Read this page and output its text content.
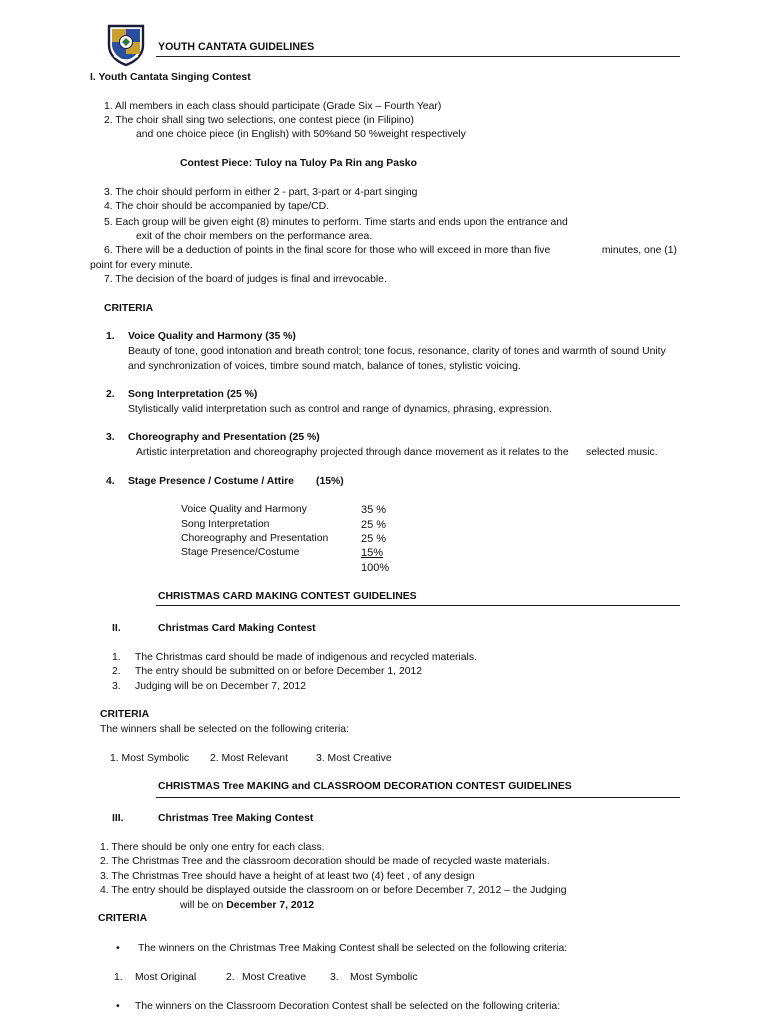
YOUTH CANTATA GUIDELINES
I. Youth Cantata Singing Contest
1. All members in each class should participate (Grade Six – Fourth Year)
2. The choir shall sing two selections, one contest piece (in Filipino)
and one choice piece (in English) with 50%and 50 %weight respectively
Contest Piece: Tuloy na Tuloy Pa Rin ang Pasko
3. The choir should perform in either 2 - part, 3-part or 4-part singing
4. The choir should be accompanied by tape/CD.
5. Each group will be given eight (8) minutes to perform. Time starts and ends upon the entrance and
exit of the choir members on the performance area.
6. There will be a deduction of points in the final score for those who will exceed in more than five	minutes, one (1)
point for every minute.
7. The decision of the board of judges is final and irrevocable.
CRITERIA
1. Voice Quality and Harmony (35 %)
Beauty of tone, good intonation and breath control; tone focus, resonance, clarity of tones and warmth of sound Unity
and synchronization of voices, timbre sound match, balance of tones, stylistic voicing.
2. Song Interpretation (25 %)
Stylistically valid interpretation such as control and range of dynamics, phrasing, expression.
3. Choreography and Presentation (25 %)
Artistic interpretation and choreography projected through dance movement as it relates to the selected music.
4. Stage Presence / Costume / Attire (15%)
Voice Quality and Harmony	35 %
Song Interpretation	25 %
Choreography and Presentation	25 %
Stage Presence/Costume	15%
100%
CHRISTMAS CARD MAKING CONTEST GUIDELINES
II.	Christmas Card Making Contest
1. The Christmas card should be made of indigenous and recycled materials.
2. The entry should be submitted on or before December 1, 2012
3. Judging will be on December 7, 2012
CRITERIA
The winners shall be selected on the following criteria:
1. Most Symbolic 2. Most Relevant	3. Most Creative
CHRISTMAS Tree MAKING and CLASSROOM DECORATION CONTEST GUIDELINES
III.	Christmas Tree Making Contest
1. There should be only one entry for each class.
2. The Christmas Tree and the classroom decoration should be made of recycled waste materials.
3. The Christmas Tree should have a height of at least two (4) feet , of any design
4. The entry should be displayed outside the classroom on or before December 7, 2012 – the Judging
will be on December 7, 2012
CRITERIA
• The winners on the Christmas Tree Making Contest shall be selected on the following criteria:
1. Most Original	2. Most Creative 3. Most Symbolic
• The winners on the Classroom Decoration Contest shall be selected on the following criteria:
